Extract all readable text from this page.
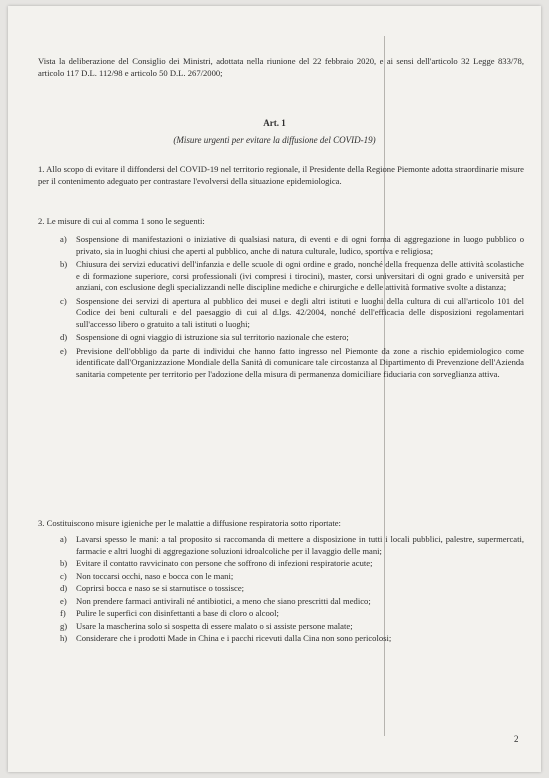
Vista la deliberazione del Consiglio dei Ministri, adottata nella riunione del 22 febbraio 2020, e ai sensi dell'articolo 32 Legge 833/78, articolo 117 D.L. 112/98 e articolo 50 D.L. 267/2000;
Art. 1
(Misure urgenti per evitare la diffusione del COVID-19)
1. Allo scopo di evitare il diffondersi del COVID-19 nel territorio regionale, il Presidente della Regione Piemonte adotta straordinarie misure per il contenimento adeguato per contrastare l'evolversi della situazione epidemiologica.
2. Le misure di cui al comma 1 sono le seguenti:
a) Sospensione di manifestazioni o iniziative di qualsiasi natura, di eventi e di ogni forma di aggregazione in luogo pubblico o privato, sia in luoghi chiusi che aperti al pubblico, anche di natura culturale, ludico, sportiva e religiosa;
b) Chiusura dei servizi educativi dell'infanzia e delle scuole di ogni ordine e grado, nonché della frequenza delle attività scolastiche e di formazione superiore, corsi professionali (ivi compresi i tirocini), master, corsi universitari di ogni grado e università per anziani, con esclusione degli specializzandi nelle discipline mediche e chirurgiche e delle attività formative svolte a distanza;
c) Sospensione dei servizi di apertura al pubblico dei musei e degli altri istituti e luoghi della cultura di cui all'articolo 101 del Codice dei beni culturali e del paesaggio di cui al d.lgs. 42/2004, nonché dell'efficacia delle disposizioni regolamentari sull'accesso libero o gratuito a tali istituti o luoghi;
d) Sospensione di ogni viaggio di istruzione sia sul territorio nazionale che estero;
e) Previsione dell'obbligo da parte di individui che hanno fatto ingresso nel Piemonte da zone a rischio epidemiologico come identificate dall'Organizzazione Mondiale della Sanità di comunicare tale circostanza al Dipartimento di Prevenzione dell'Azienda sanitaria competente per territorio per l'adozione della misura di permanenza domiciliare fiduciaria con sorveglianza attiva.
3. Costituiscono misure igieniche per le malattie a diffusione respiratoria sotto riportate:
a) Lavarsi spesso le mani: a tal proposito si raccomanda di mettere a disposizione in tutti i locali pubblici, palestre, supermercati, farmacie e altri luoghi di aggregazione soluzioni idroalcoliche per il lavaggio delle mani;
b) Evitare il contatto ravvicinato con persone che soffrono di infezioni respiratorie acute;
c) Non toccarsi occhi, naso e bocca con le mani;
d) Coprirsi bocca e naso se si starnutisce o tossisce;
e) Non prendere farmaci antivirali né antibiotici, a meno che siano prescritti dal medico;
f) Pulire le superfici con disinfettanti a base di cloro o alcool;
g) Usare la mascherina solo si sospetta di essere malato o si assiste persone malate;
h) Considerare che i prodotti Made in China e i pacchi ricevuti dalla Cina non sono pericolosi;
2
